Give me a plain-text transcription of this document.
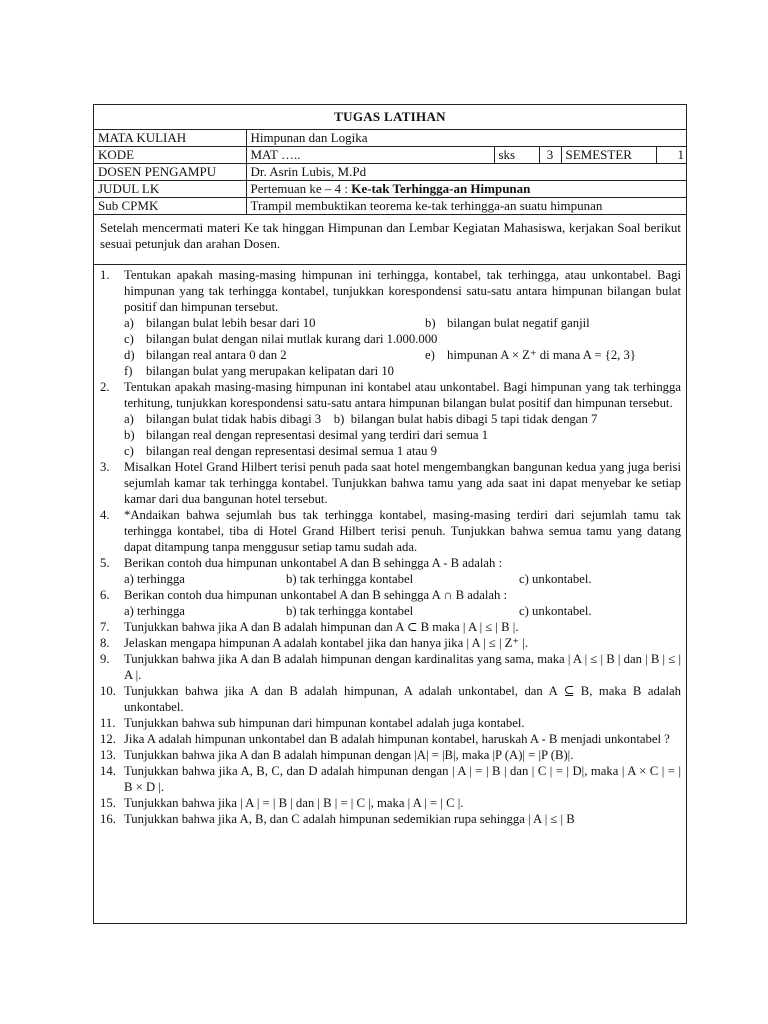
TUGAS LATIHAN
MATA KULIAH	Himpunan dan Logika				
KODE	MAT …..	sks	3	SEMESTER	1
DOSEN PENGAMPU	Dr. Asrin Lubis, M.Pd				
JUDUL LK	Pertemuan ke – 4 : Ke-tak Terhingga-an Himpunan				
Sub CPMK	Trampil membuktikan teorema ke-tak terhingga-an suatu himpunan				
Setelah mencermati materi Ke tak hinggan Himpunan dan Lembar Kegiatan Mahasiswa, kerjakan Soal berikut sesuai petunjuk dan arahan Dosen.
1.	Tentukan apakah masing-masing himpunan ini terhingga, kontabel, tak terhingga, atau unkontabel. Bagi himpunan yang tak terhingga kontabel, tunjukkan korespondensi satu-satu antara himpunan bilangan bulat positif dan himpunan tersebut.
a) bilangan bulat lebih besar dari 10	b) bilangan bulat negatif ganjil
c) bilangan bulat dengan nilai mutlak kurang dari 1.000.000
d) bilangan real antara 0 dan 2	e) himpunan A × Z⁺ di mana A = {2, 3}
f)	bilangan bulat yang merupakan kelipatan dari 10
2.	Tentukan apakah masing-masing himpunan ini kontabel atau unkontabel. Bagi himpunan yang tak terhingga terhitung, tunjukkan korespondensi satu-satu antara himpunan bilangan bulat positif dan himpunan tersebut.
a) bilangan bulat tidak habis dibagi 3    b)  bilangan bulat habis dibagi 5 tapi tidak dengan 7
b) bilangan real dengan representasi desimal yang terdiri dari semua 1
c) bilangan real dengan representasi desimal semua 1 atau 9
3.	Misalkan Hotel Grand Hilbert terisi penuh pada saat hotel mengembangkan bangunan kedua yang juga berisi sejumlah kamar tak terhingga kontabel. Tunjukkan bahwa tamu yang ada saat ini dapat menyebar ke setiap kamar dari dua bangunan hotel tersebut.
4.	*Andaikan bahwa sejumlah bus tak terhingga kontabel, masing-masing terdiri dari sejumlah tamu tak terhingga kontabel, tiba di Hotel Grand Hilbert terisi penuh. Tunjukkan bahwa semua tamu yang datang dapat ditampung tanpa menggusur setiap tamu sudah ada.
5.	Berikan contoh dua himpunan unkontabel A dan B sehingga A - B adalah :
a) terhingga	b) tak terhingga kontabel	c) unkontabel.
6.	Berikan contoh dua himpunan unkontabel A dan B sehingga A ∩ B adalah :
a) terhingga	b) tak terhingga kontabel	c) unkontabel.
7.	Tunjukkan bahwa jika A dan B adalah himpunan dan A ⊂ B maka | A | ≤ | B |.
8.	Jelaskan mengapa himpunan A adalah kontabel jika dan hanya jika | A | ≤ | Z⁺ |.
9.	Tunjukkan bahwa jika A dan B adalah himpunan dengan kardinalitas yang sama, maka | A | ≤ | B | dan | B | ≤ | A |.
10. Tunjukkan bahwa jika A dan B adalah himpunan, A adalah unkontabel, dan A ⊆ B, maka B adalah unkontabel.
11. Tunjukkan bahwa sub himpunan dari himpunan kontabel adalah juga kontabel.
12. Jika A adalah himpunan unkontabel dan B adalah himpunan kontabel, haruskah A - B menjadi unkontabel ?
13. Tunjukkan bahwa jika A dan B adalah himpunan dengan |A| = |B|, maka |P (A)| = |P (B)|.
14. Tunjukkan bahwa jika A, B, C, dan D adalah himpunan dengan | A | = | B | dan | C | = | D|, maka | A × C | = | B × D |.
15. Tunjukkan bahwa jika | A | = | B | dan | B | = | C |, maka | A | = | C |.
16. Tunjukkan bahwa jika A, B, dan C adalah himpunan sedemikian rupa sehingga | A | ≤ | B
